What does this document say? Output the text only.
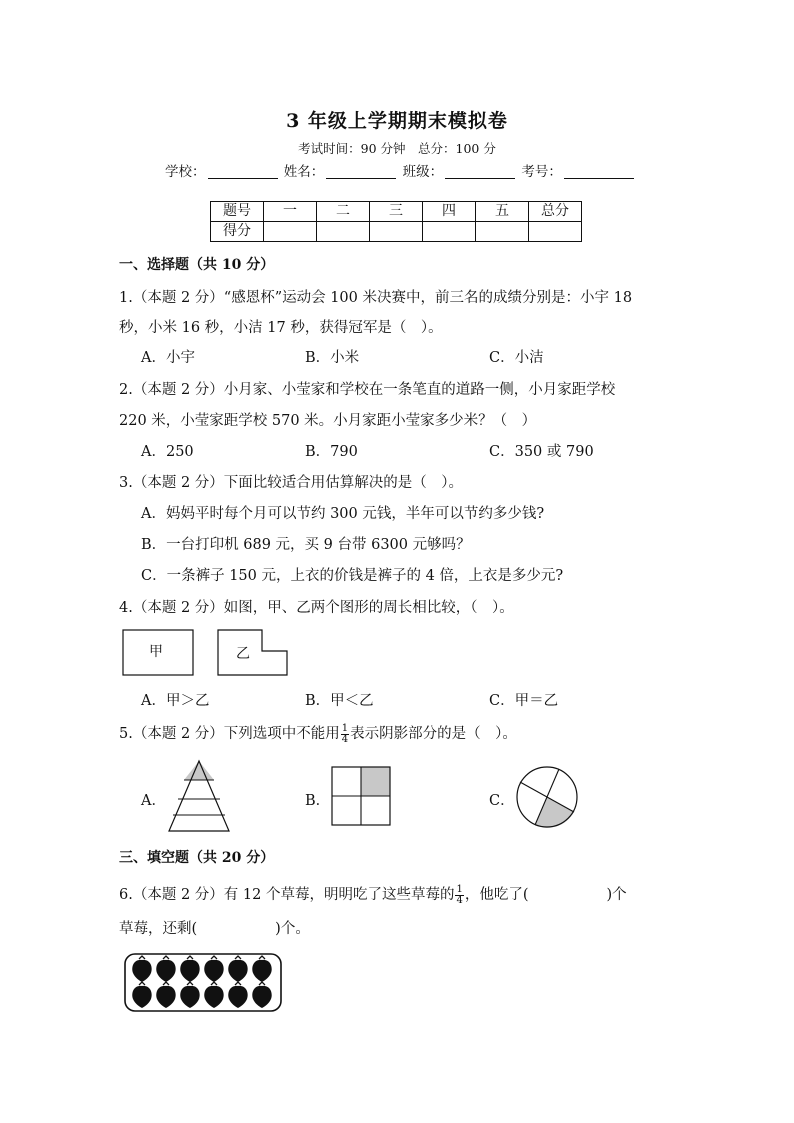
3 年级上学期期末模拟卷
考试时间：90 分钟　总分：100 分
学校：	姓名：	班级：	考号：
题号	一	二	三	四	五	总分
得分						
一、选择题（共 10 分）
1.（本题 2 分）“感恩杯”运动会 100 米决赛中，前三名的成绩分别是：小宇 18
秒，小米 16 秒，小洁 17 秒，获得冠军是（　）。
A．小宇	B．小米	C．小洁
2.（本题 2 分）小月家、小莹家和学校在一条笔直的道路一侧，小月家距学校
220 米，小莹家距学校 570 米。小月家距小莹家多少米？（　）
A．250	B．790	C．350 或 790
3.（本题 2 分）下面比较适合用估算解决的是（　）。
A．妈妈平时每个月可以节约 300 元钱，半年可以节约多少钱?
B．一台打印机 689 元，买 9 台带 6300 元够吗？
C．一条裤子 150 元，上衣的价钱是裤子的 4 倍，上衣是多少元?
4.（本题 2 分）如图，甲、乙两个图形的周长相比较，（　）。
甲	乙
A．甲＞乙	B．甲＜乙	C．甲＝乙
5.（本题 2 分）下列选项中不能用 $\frac{1}{4}$ 表示阴影部分的是（　）。
A．	B．	C．
三、填空题（共 20 分）
6.（本题 2 分）有 12 个草莓，明明吃了这些草莓的 $\frac{1}{4}$ ，他吃了(	)个
草莓，还剩(	)个。
